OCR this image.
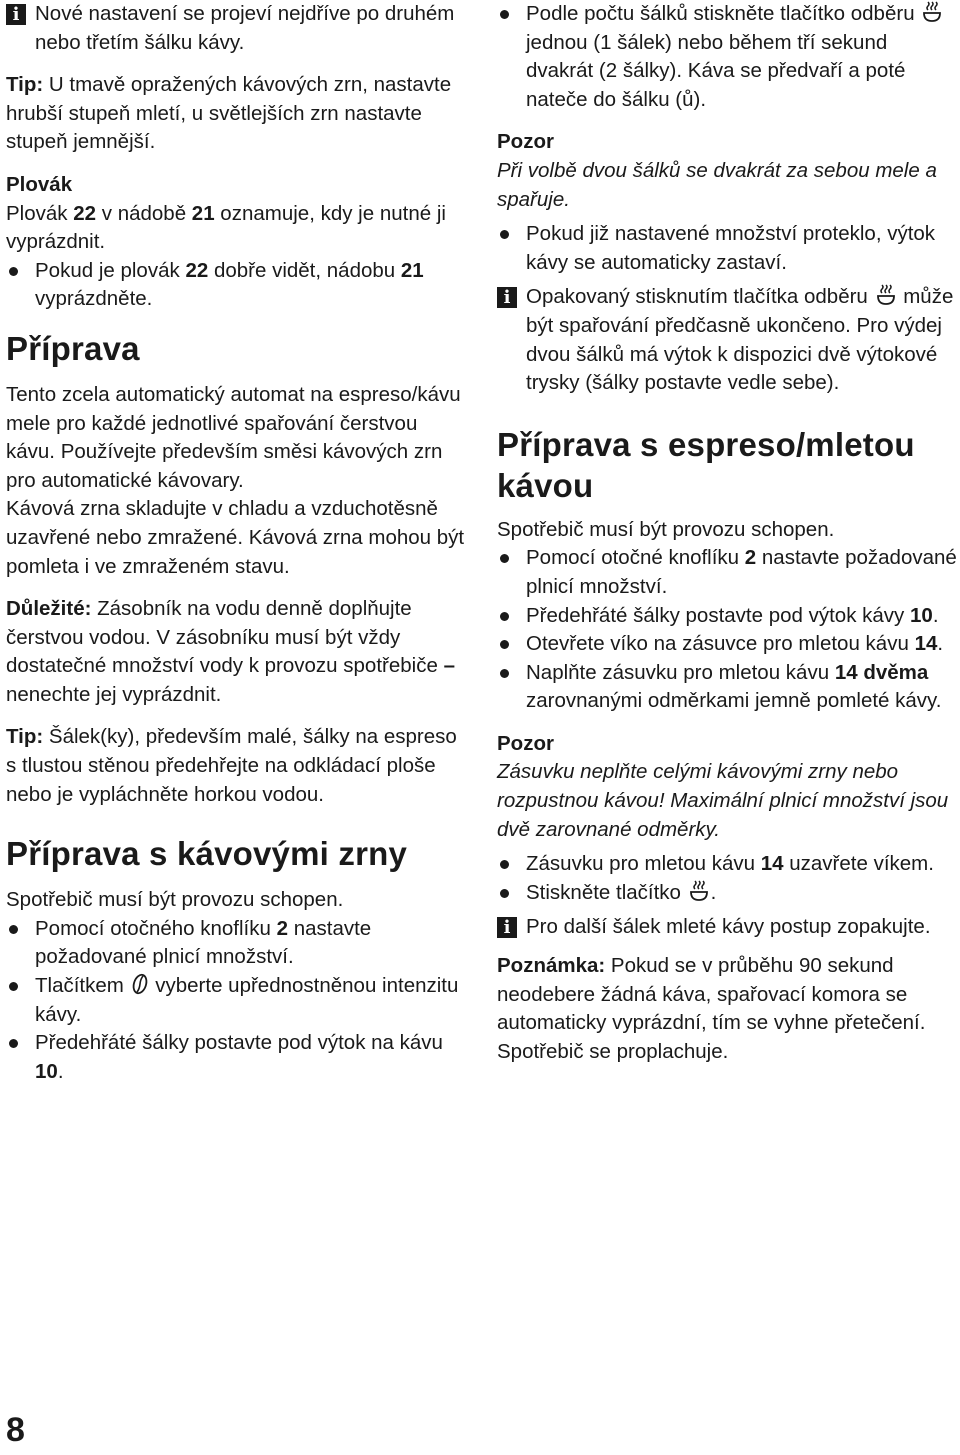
i Nové nastavení se projeví nejdříve po druhém nebo třetím šálku kávy.

Tip: U tmavě opražených kávových zrn, nastavte hrubší stupeň mletí, u světlejších zrn nastavte stupeň jemnější.

Plovák

Plovák 22 v nádobě 21 oznamuje, kdy je nutné ji vyprázdnit.

Pokud je plovák 22 dobře vidět, nádobu 21 vyprázdněte.

Příprava

Tento zcela automatický automat na espreso/kávu mele pro každé jednotlivé spařování čerstvou kávu. Používejte především směsi kávových zrn pro automatické kávovary.

Kávová zrna skladujte v chladu a vzduchotěsně uzavřené nebo zmražené. Kávová zrna mohou být pomleta i ve zmraženém stavu.

Důležité: Zásobník na vodu denně doplňujte čerstvou vodou. V zásobníku musí být vždy dostatečné množství vody k provozu spotřebiče – nenechte jej vyprázdnit.

Tip: Šálek(ky), především malé, šálky na espreso s tlustou stěnou předehřejte na odkládací ploše nebo je vypláchněte horkou vodou.

Příprava s kávovými zrny

Spotřebič musí být provozu schopen.

Pomocí otočného knoflíku 2 nastavte požadované plnicí množství.

Tlačítkem  vyberte upřednostněnou intenzitu kávy.

Předehřáté šálky postavte pod výtok na kávu 10.

Podle počtu šálků stiskněte tlačítko odběru  jednou (1 šálek) nebo během tří sekund dvakrát (2 šálky). Káva se předvaří a poté nateče do šálku (ů).

Pozor

Při volbě dvou šálků se dvakrát za sebou mele a spařuje.

Pokud již nastavené množství proteklo, výtok kávy se automaticky zastaví.

i Opakovaný stisknutím tlačítka odběru  může být spařování předčasně ukončeno. Pro výdej dvou šálků má výtok k dispozici dvě výtokové trysky (šálky postavte vedle sebe).

Příprava s espreso/mletou kávou

Spotřebič musí být provozu schopen.

Pomocí otočné knoflíku 2 nastavte požadované plnicí množství.

Předehřáté šálky postavte pod výtok kávy 10.

Otevřete víko na zásuvce pro mletou kávu 14.

Naplňte zásuvku pro mletou kávu 14 dvěma zarovnanými odměrkami jemně pomleté kávy.

Pozor

Zásuvku neplňte celými kávovými zrny nebo rozpustnou kávou! Maximální plnicí množství jsou dvě zarovnané odměrky.

Zásuvku pro mletou kávu 14 uzavřete víkem.

Stiskněte tlačítko .

i Pro další šálek mleté kávy postup zopakujte.

Poznámka: Pokud se v průběhu 90 sekund neodebere žádná káva, spařovací komora se automaticky vyprázdní, tím se vyhne přetečení. Spotřebič se proplachuje.

8
